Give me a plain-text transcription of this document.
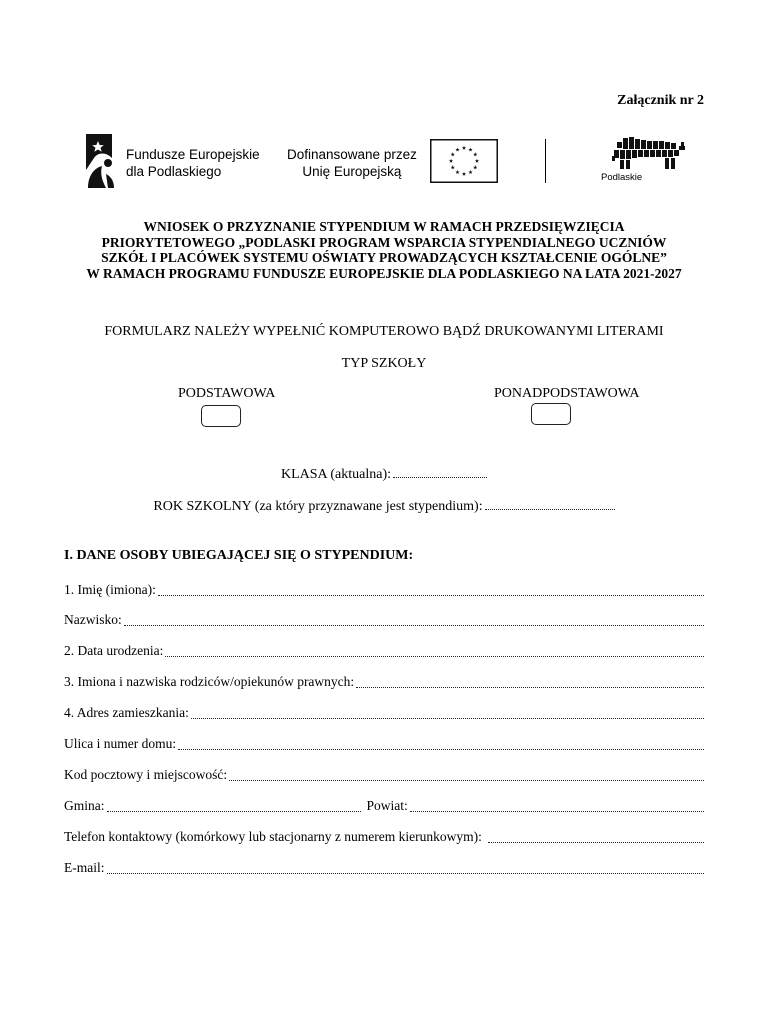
Załącznik nr 2
Fundusze Europejskie
dla Podlaskiego
Dofinansowane przez
Unię Europejską	Podlaskie
WNIOSEK O PRZYZNANIE STYPENDIUM W RAMACH PRZEDSIĘWZIĘCIA
PRIORYTETOWEGO „PODLASKI PROGRAM WSPARCIA STYPENDIALNEGO UCZNIÓW
SZKÓŁ I PLACÓWEK SYSTEMU OŚWIATY PROWADZĄCYCH KSZTAŁCENIE OGÓLNE”
W RAMACH PROGRAMU FUNDUSZE EUROPEJSKIE DLA PODLASKIEGO NA LATA 2021-2027
FORMULARZ NALEŻY WYPEŁNIĆ KOMPUTEROWO BĄDŹ DRUKOWANYMI LITERAMI
TYP SZKOŁY
PODSTAWOWA	PONADPODSTAWOWA
KLASA (aktualna):
ROK SZKOLNY (za który przyznawane jest stypendium):
I. DANE OSOBY UBIEGAJĄCEJ SIĘ O STYPENDIUM:
1. Imię (imiona):
Nazwisko:
2. Data urodzenia:
3. Imiona i nazwiska rodziców/opiekunów prawnych:
4. Adres zamieszkania:
Ulica i numer domu:
Kod pocztowy i miejscowość:
Gmina:	Powiat:
Telefon kontaktowy (komórkowy lub stacjonarny z numerem kierunkowym):
E-mail:
